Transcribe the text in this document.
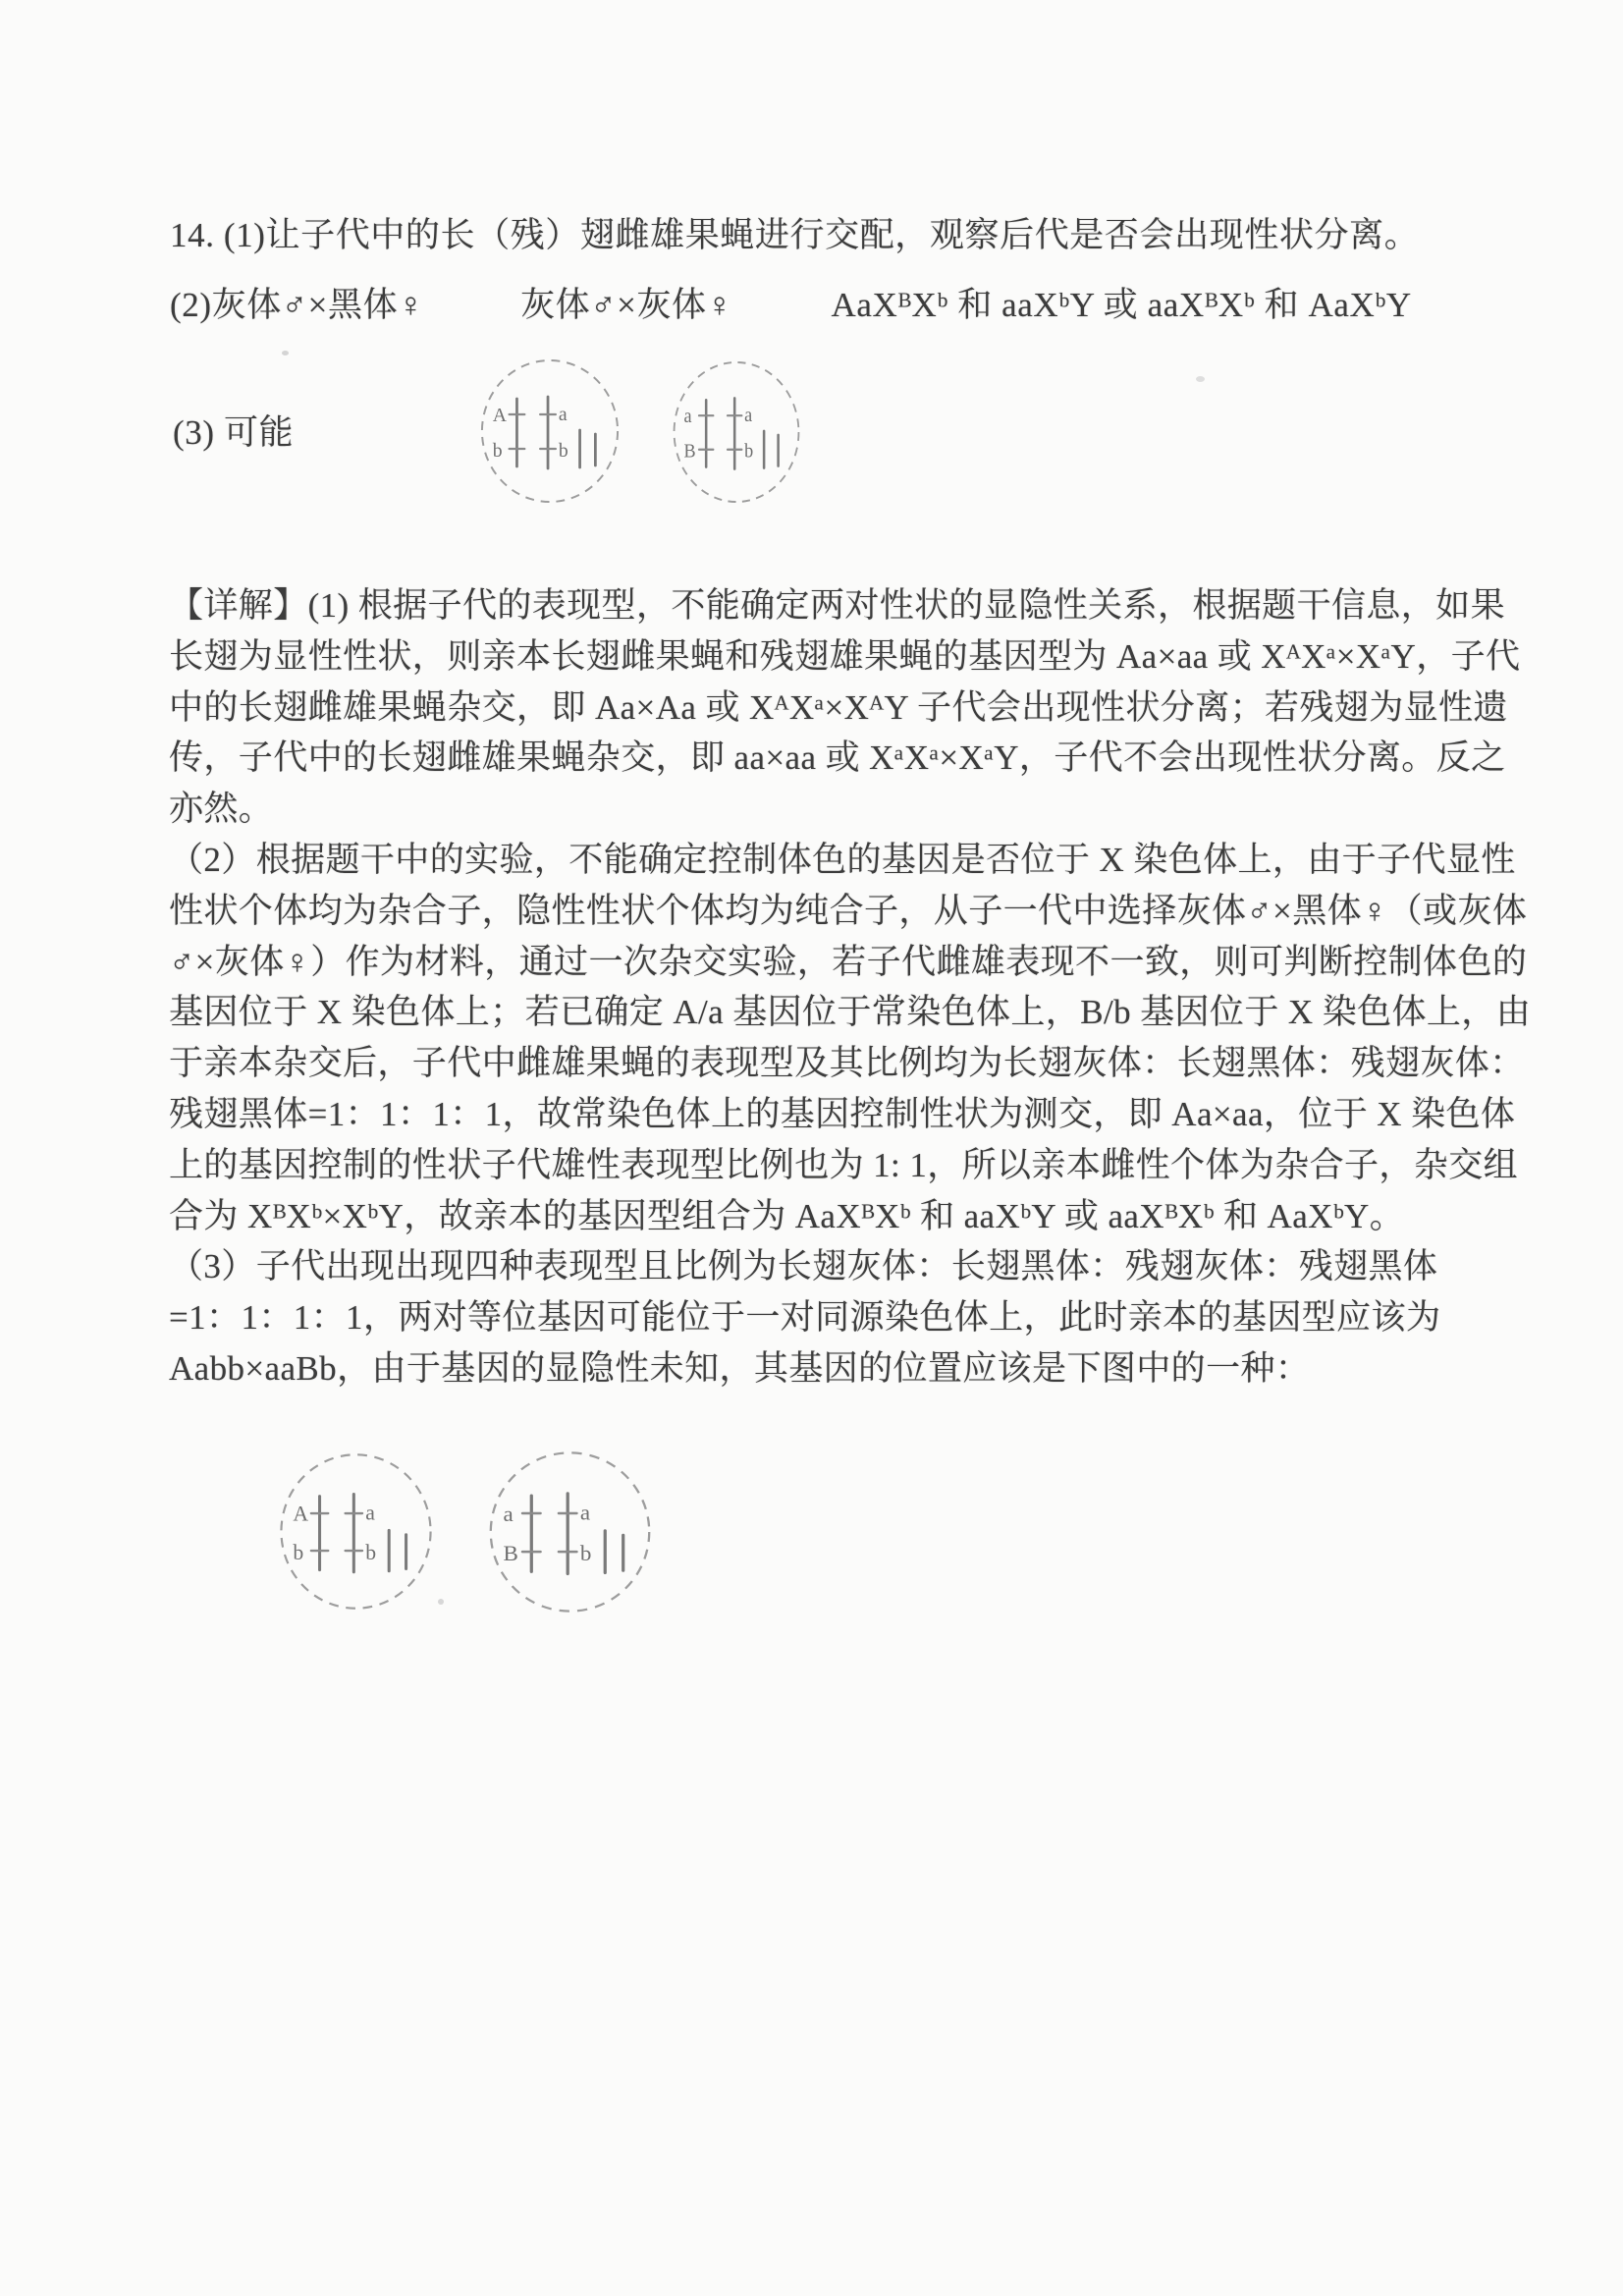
14. (1)让子代中的长（残）翅雌雄果蝇进行交配，观察后代是否会出现性状分离。
(2)灰体♂×黑体♀	灰体♂×灰体♀	AaXᴮXᵇ 和 aaXᵇY 或 aaXᴮXᵇ 和 AaXᵇY
(3) 可能	A
b
a
b
a
B
a
b
【详解】(1) 根据子代的表现型，不能确定两对性状的显隐性关系，根据题干信息，如果
长翅为显性性状，则亲本长翅雌果蝇和残翅雄果蝇的基因型为 Aa×aa 或 XᴬXᵃ×XᵃY，子代
中的长翅雌雄果蝇杂交，即 Aa×Aa 或 XᴬXᵃ×XᴬY 子代会出现性状分离；若残翅为显性遗
传，子代中的长翅雌雄果蝇杂交，即 aa×aa 或 XᵃXᵃ×XᵃY，子代不会出现性状分离。反之
亦然。
（2）根据题干中的实验，不能确定控制体色的基因是否位于 X 染色体上，由于子代显性
性状个体均为杂合子，隐性性状个体均为纯合子，从子一代中选择灰体♂×黑体♀（或灰体
♂×灰体♀）作为材料，通过一次杂交实验，若子代雌雄表现不一致，则可判断控制体色的
基因位于 X 染色体上；若已确定 A/a 基因位于常染色体上，B/b 基因位于 X 染色体上，由
于亲本杂交后，子代中雌雄果蝇的表现型及其比例均为长翅灰体：长翅黑体：残翅灰体：
残翅黑体=1：1：1：1，故常染色体上的基因控制性状为测交，即 Aa×aa，位于 X 染色体
上的基因控制的性状子代雄性表现型比例也为 1: 1，所以亲本雌性个体为杂合子，杂交组
合为 XᴮXᵇ×XᵇY，故亲本的基因型组合为 AaXᴮXᵇ 和 aaXᵇY 或 aaXᴮXᵇ 和 AaXᵇY。
（3）子代出现出现四种表现型且比例为长翅灰体：长翅黑体：残翅灰体：残翅黑体
=1：1：1：1，两对等位基因可能位于一对同源染色体上，此时亲本的基因型应该为
Aabb×aaBb，由于基因的显隐性未知，其基因的位置应该是下图中的一种：
A
b
a
b
a
B
a
b
